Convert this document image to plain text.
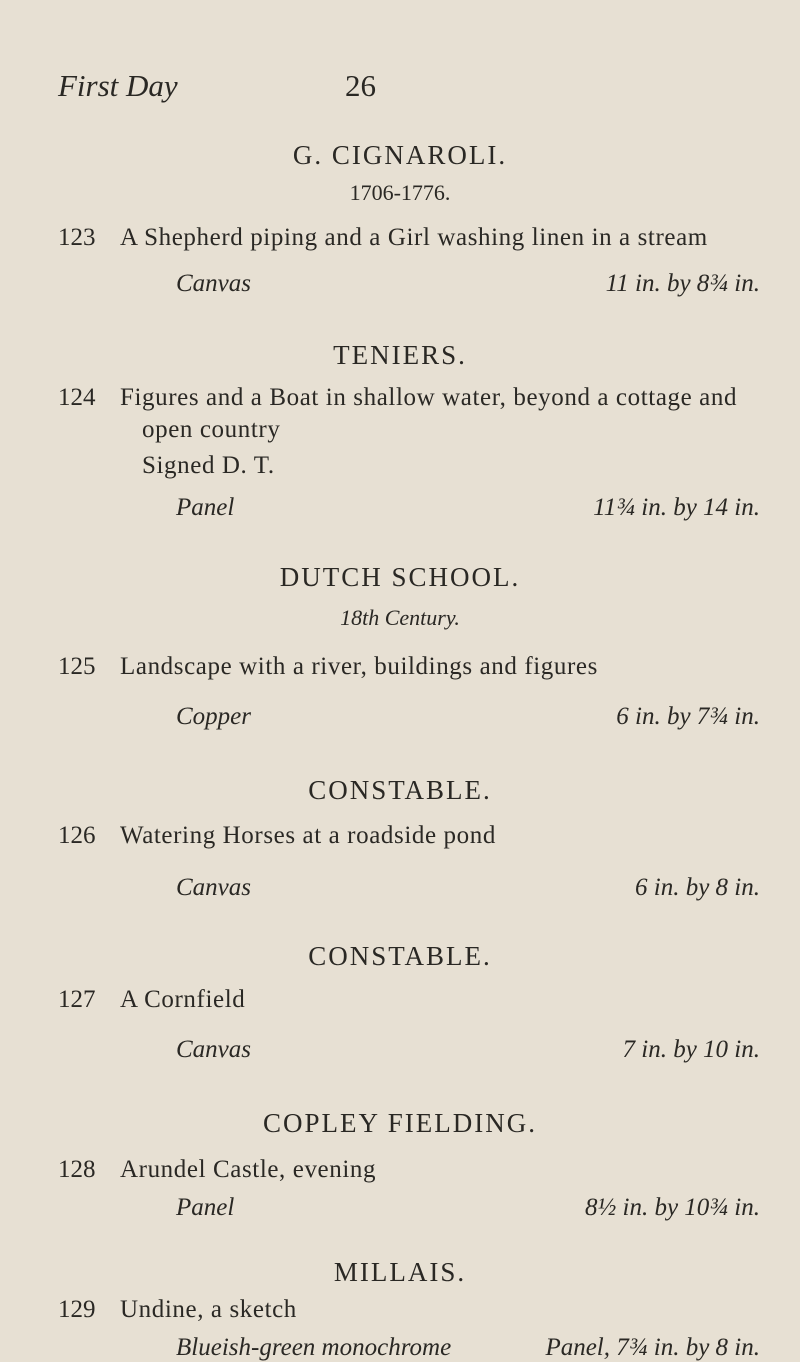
First Day	26
G. CIGNAROLI.
1706-1776.
123 A Shepherd piping and a Girl washing linen in a stream
Canvas	11 in. by 8¾ in.
TENIERS.
124 Figures and a Boat in shallow water, beyond a cottage and
open country
Signed D. T.
Panel	11¾ in. by 14 in.
DUTCH SCHOOL.
18th Century.
125 Landscape with a river, buildings and figures
Copper	6 in. by 7¾ in.
CONSTABLE.
126 Watering Horses at a roadside pond
Canvas	6 in. by 8 in.
CONSTABLE.
127 A Cornfield
Canvas	7 in. by 10 in.
COPLEY FIELDING.
128 Arundel Castle, evening
Panel	8½ in. by 10¾ in.
MILLAIS.
129 Undine, a sketch
Blueish-green monochrome	Panel, 7¾ in. by 8 in.
